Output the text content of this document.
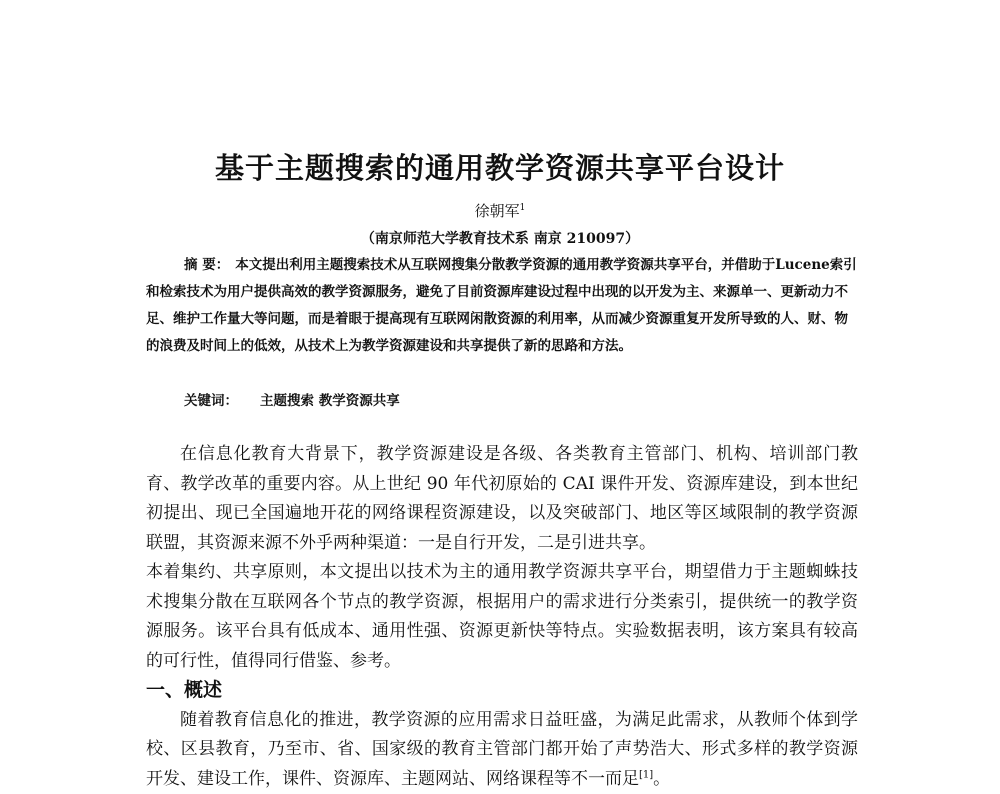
基于主题搜索的通用教学资源共享平台设计
徐朝军$^1$
（南京师范大学教育技术系 南京 210097）
摘 要： 本文提出利用主题搜索技术从互联网搜集分散教学资源的通用教学资源共享平台，并借助于Lucene索引和检索技术为用户提供高效的教学资源服务，避免了目前资源库建设过程中出现的以开发为主、来源单一、更新动力不足、维护工作量大等问题，而是着眼于提高现有互联网闲散资源的利用率，从而减少资源重复开发所导致的人、财、物的浪费及时间上的低效，从技术上为教学资源建设和共享提供了新的思路和方法。
关键词： 主题搜索 教学资源共享

在信息化教育大背景下，教学资源建设是各级、各类教育主管部门、机构、培训部门教育、教学改革的重要内容。从上世纪 90 年代初原始的 CAI 课件开发、资源库建设，到本世纪初提出、现已全国遍地开花的网络课程资源建设，以及突破部门、地区等区域限制的教学资源联盟，其资源来源不外乎两种渠道：一是自行开发，二是引进共享。

本着集约、共享原则，本文提出以技术为主的通用教学资源共享平台，期望借力于主题蜘蛛技术搜集分散在互联网各个节点的教学资源，根据用户的需求进行分类索引，提供统一的教学资源服务。该平台具有低成本、通用性强、资源更新快等特点。实验数据表明，该方案具有较高的可行性，值得同行借鉴、参考。

一、概述

随着教育信息化的推进，教学资源的应用需求日益旺盛，为满足此需求，从教师个体到学校、区县教育，乃至市、省、国家级的教育主管部门都开始了声势浩大、形式多样的教学资源开发、建设工作，课件、资源库、主题网站、网络课程等不一而足[1]。
